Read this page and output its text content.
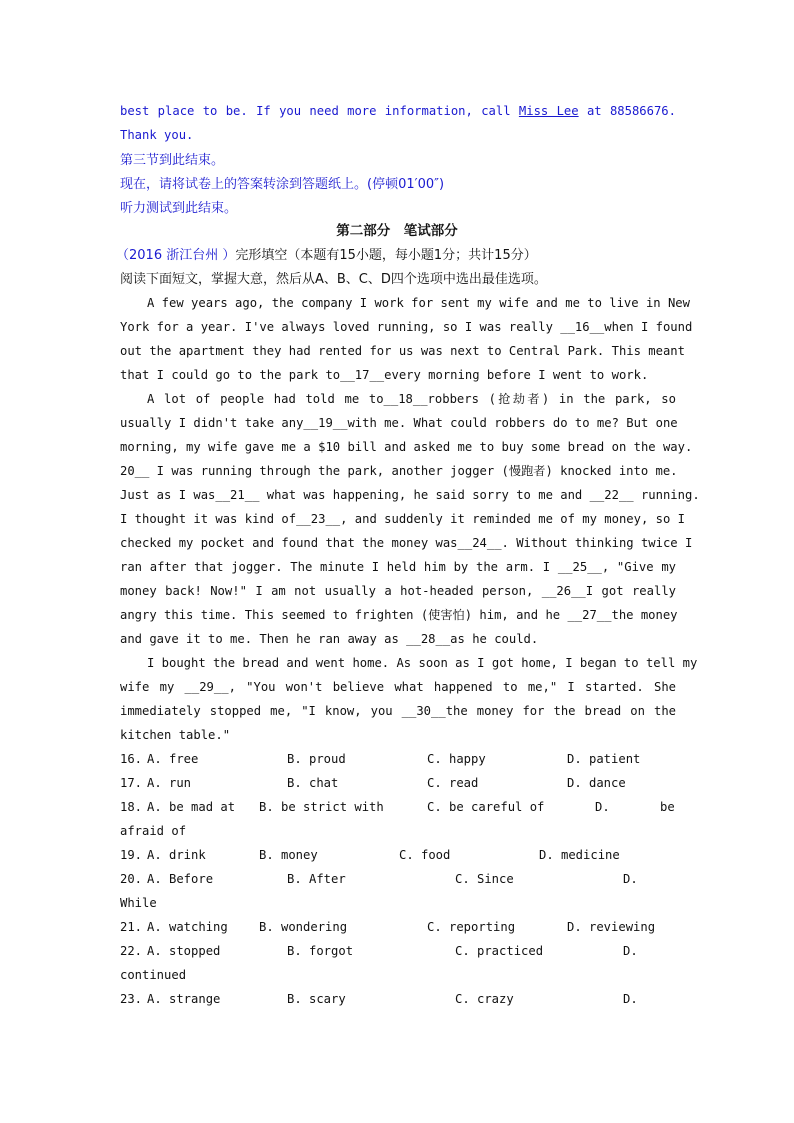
best place to be. If you need more information, call Miss Lee at 88586676.
Thank you.
第三节到此结束。
现在，请将试卷上的答案转涂到答题纸上。(停顿01′00″)
听力测试到此结束。
第二部分　笔试部分
（2016 浙江台州 ）完形填空（本题有15小题，每小题1分；共计15分）
阅读下面短文，掌握大意，然后从A、B、C、D四个选项中选出最佳选项。
A few years ago, the company I work for sent my wife and me to live in New
York for a year. I've always loved running, so I was really __16__when I found
out the apartment they had rented for us was next to Central Park. This meant
that I could go to the park to__17__every morning before I went to work.
A lot of people had told me to__18__robbers (抢劫者) in the park, so
usually I didn't take any__19__with me. What could robbers do to me? But one
morning, my wife gave me a $10 bill and asked me to buy some bread on the way.
20__ I was running through the park, another jogger (慢跑者) knocked into me.
Just as I was__21__ what was happening, he said sorry to me and __22__ running.
I thought it was kind of__23__, and suddenly it reminded me of my money, so I
checked my pocket and found that the money was__24__. Without thinking twice I
ran after that jogger. The minute I held him by the arm. I __25__, "Give my
money back! Now!" I am not usually a hot-headed person, __26__I got really
angry this time. This seemed to frighten (使害怕) him, and he __27__the money
and gave it to me. Then he ran away as __28__as he could.
I bought the bread and went home. As soon as I got home, I began to tell my
wife my __29__, "You won't believe what happened to me," I started. She
immediately stopped me, "I know, you __30__the money for the bread on the
kitchen table."
16. A. free	B. proud	C. happy	D. patient
17. A. run	B. chat	C. read	D. dance
18. A. be mad at B. be strict with	C. be careful of	D.	be
afraid of
19. A. drink	B. money	C. food	D. medicine
20. A. Before	B. After	C. Since	D.
While
21. A. watching	B. wondering	C. reporting	D. reviewing
22. A. stopped	B. forgot	C. practiced	D.
continued
23. A. strange	B. scary	C. crazy	D.
